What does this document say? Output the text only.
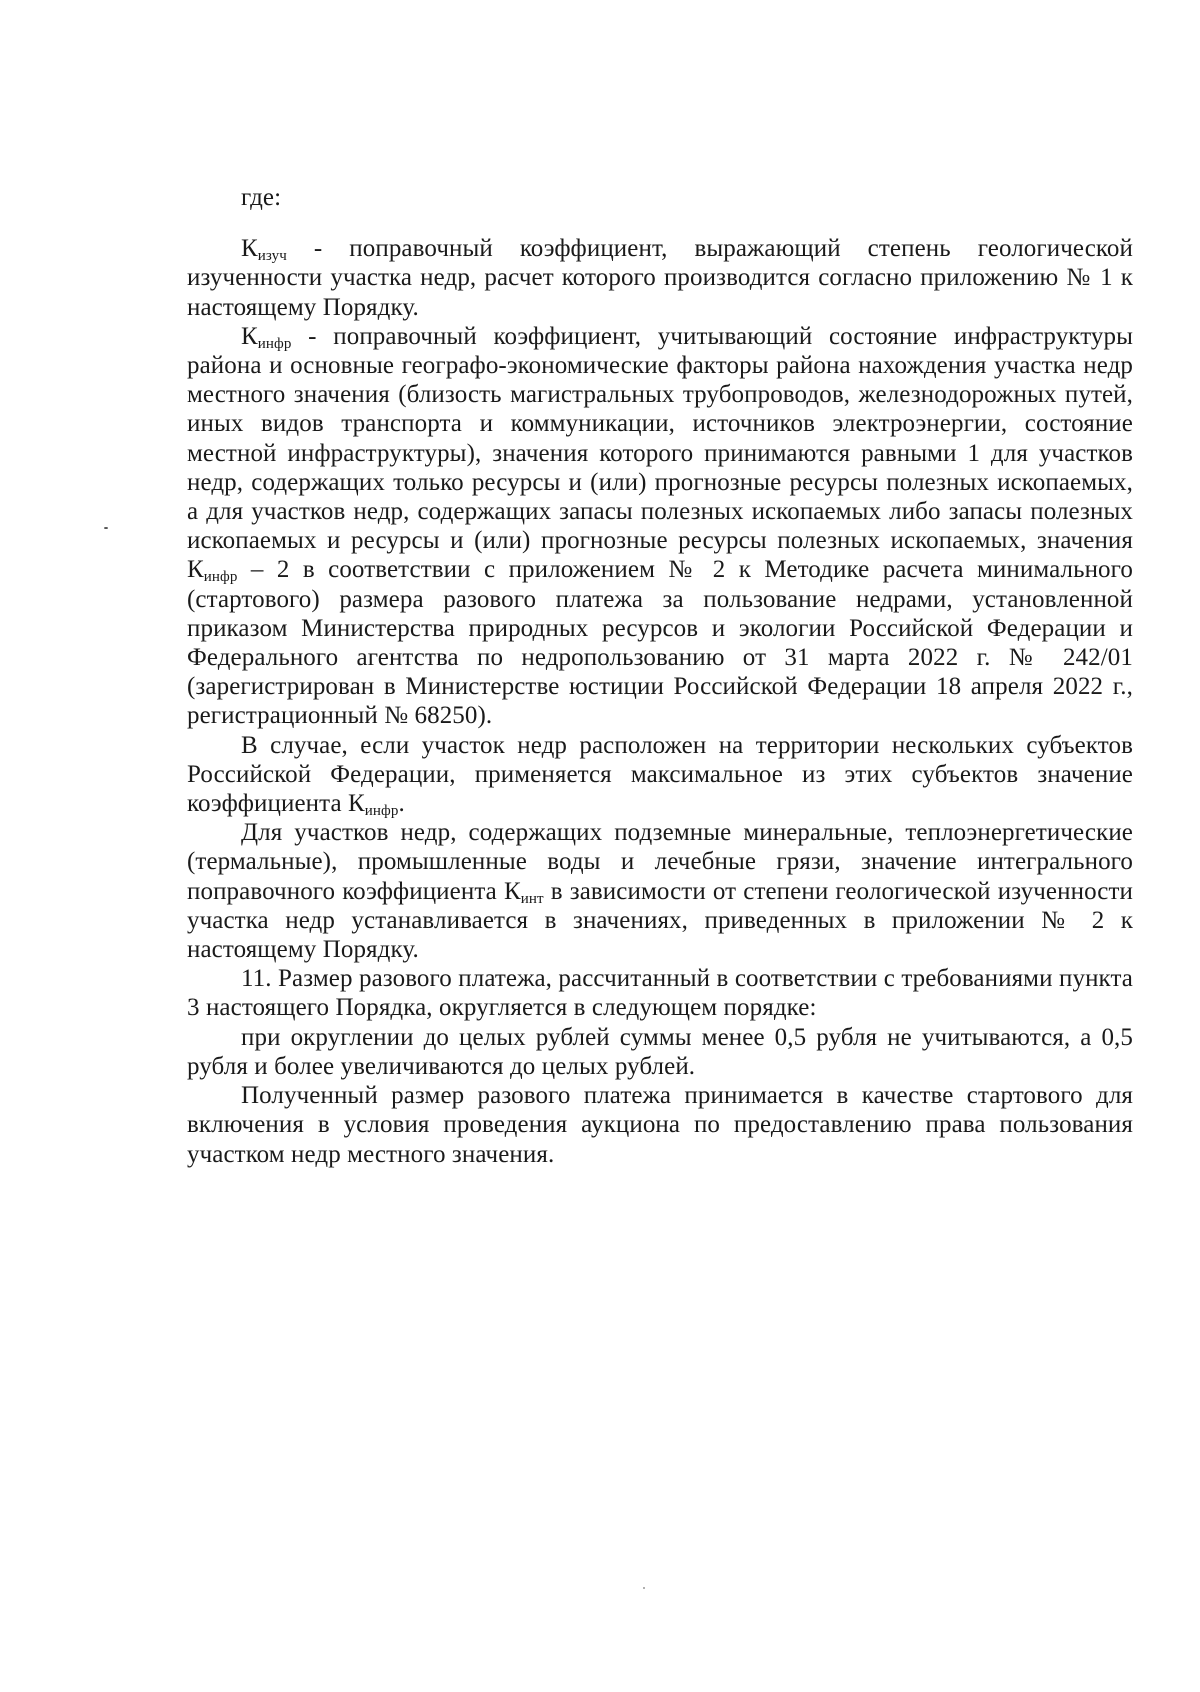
где:

$К_{изуч}$ - поправочный коэффициент, выражающий степень геологической изученности участка недр, расчет которого производится согласно приложению № 1 к настоящему Порядку.

$К_{инфр}$ - поправочный коэффициент, учитывающий состояние инфраструктуры района и основные географо-экономические факторы района нахождения участка недр местного значения (близость магистральных трубопроводов, железнодорожных путей, иных видов транспорта и коммуникации, источников электроэнергии, состояние местной инфраструктуры), значения которого принимаются равными 1 для участков недр, содержащих только ресурсы и (или) прогнозные ресурсы полезных ископаемых, а для участков недр, содержащих запасы полезных ископаемых либо запасы полезных ископаемых и ресурсы и (или) прогнозные ресурсы полезных ископаемых, значения $К_{инфр} - 2$ в соответствии с приложением № 2 к Методике расчета минимального (стартового) размера разового платежа за пользование недрами, установленной приказом Министерства природных ресурсов и экологии Российской Федерации и Федерального агентства по недропользованию от 31 марта 2022 г. № 242/01 (зарегистрирован в Министерстве юстиции Российской Федерации 18 апреля 2022 г., регистрационный № 68250).

В случае, если участок недр расположен на территории нескольких субъектов Российской Федерации, применяется максимальное из этих субъектов значение коэффициента $К_{инфр}$.

Для участков недр, содержащих подземные минеральные, теплоэнергетические (термальные), промышленные воды и лечебные грязи, значение интегрального поправочного коэффициента $К_{инт}$ в зависимости от степени геологической изученности участка недр устанавливается в значениях, приведенных в приложении № 2 к настоящему Порядку.

11. Размер разового платежа, рассчитанный в соответствии с требованиями пункта 3 настоящего Порядка, округляется в следующем порядке:

при округлении до целых рублей суммы менее 0,5 рубля не учитываются, а 0,5 рубля и более увеличиваются до целых рублей.

Полученный размер разового платежа принимается в качестве стартового для включения в условия проведения аукциона по предоставлению права пользования участком недр местного значения.
